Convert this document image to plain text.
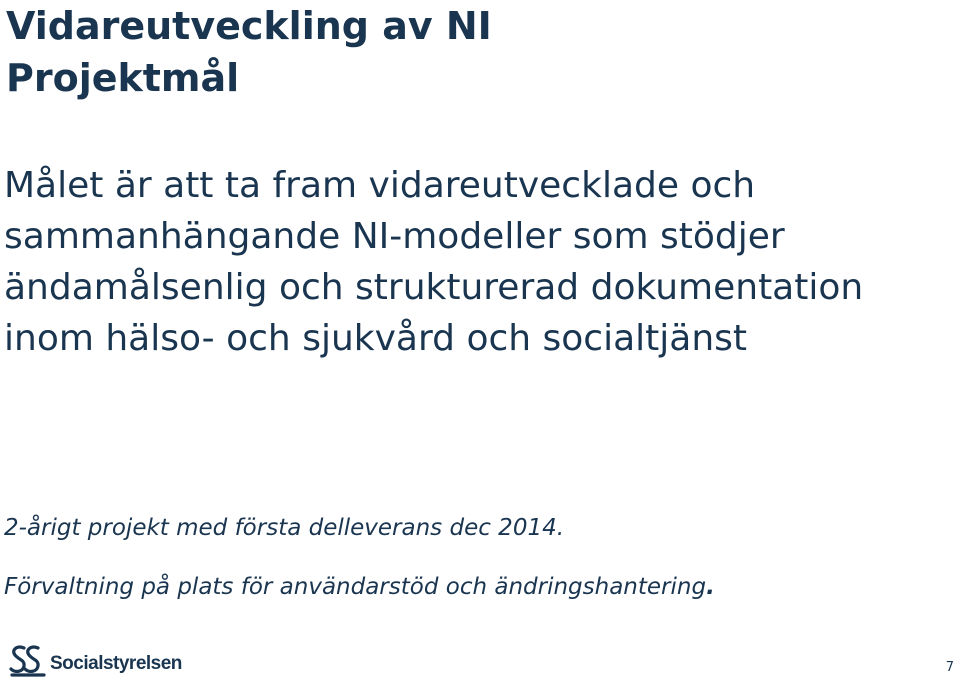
Vidareutveckling av NI
Projektmål

Målet är att ta fram vidareutvecklade och sammanhängande NI-modeller som stödjer ändamålsenlig och strukturerad dokumentation inom hälso- och sjukvård och socialtjänst

2-årigt projekt med första delleverans dec 2014.

Förvaltning på plats för användarstöd och ändringshantering.

Socialstyrelsen	7
